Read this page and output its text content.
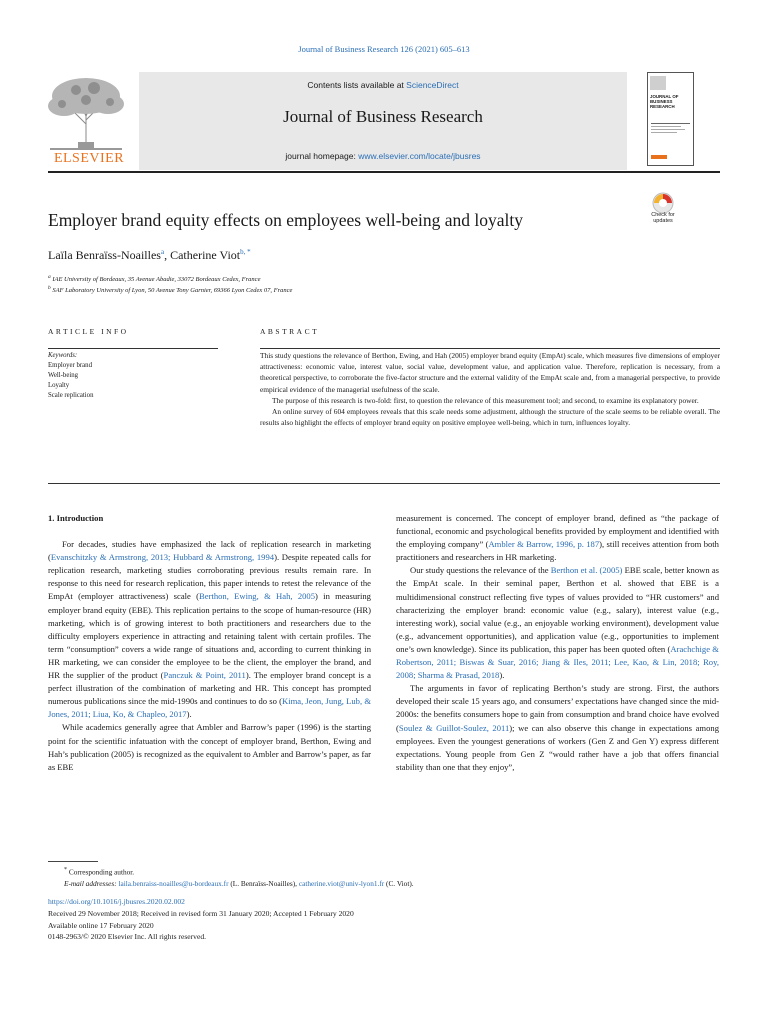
Journal of Business Research 126 (2021) 605–613
ELSEVIER
Contents lists available at ScienceDirect
Journal of Business Research
journal homepage: www.elsevier.com/locate/jbusres
JOURNAL OF BUSINESS RESEARCH
Employer brand equity effects on employees well-being and loyalty	Check for
updates
Laïla Benraïss-Noailles$^a$, Catherine Viot$^{b, *}$
$^a$ IAE University of Bordeaux, 35 Avenue Abadie, 33072 Bordeaux Cedex, France
$^b$ SAF Laboratory University of Lyon, 50 Avenue Tony Garnier, 69366 Lyon Cedex 07, France
ARTICLE INFO	ABSTRACT
Keywords:
Employer brand
Well-being
Loyalty
Scale replication

This study questions the relevance of Berthon, Ewing, and Hah (2005) employer brand equity (EmpAt) scale, which measures five dimensions of employer attractiveness: economic value, interest value, social value, development value, and application value. Therefore, replication is necessary, from a theoretical perspective, to corroborate the five-factor structure and the external validity of the EmpAt scale and, from a managerial perspective, to provide empirical evidence of the managerial usefulness of the scale.

The purpose of this research is two-fold: first, to question the relevance of this measurement tool; and second, to examine its explanatory power.

An online survey of 604 employees reveals that this scale needs some adjustment, although the structure of the scale seems to be reliable overall. The results also highlight the effects of employer brand equity on positive employee well-being, which in turn, influences loyalty.

1. Introduction

For decades, studies have emphasized the lack of replication research in marketing (Evanschitzky & Armstrong, 2013; Hubbard & Armstrong, 1994). Despite repeated calls for replication research, marketing studies corroborating previous results remain rare. In response to this need for research replication, this paper intends to retest the relevance of the EmpAt (employer attractiveness) scale (Berthon, Ewing, & Hah, 2005) in measuring employer brand equity (EBE). This replication pertains to the scope of human-resource (HR) marketing, which is of growing interest to both practitioners and researchers due to the difficulty employers experience in attracting and retaining talent with certain profiles. The term “consumption” covers a wide range of situations and, according to current thinking in HR marketing, we can consider the employee to be the client, the employer the brand, and HR the supplier of the product (Panczuk & Point, 2011). The employer brand concept is a perfect illustration of the combination of marketing and HR. This concept has prompted numerous publications since the mid-1990s and continues to do so (Kima, Jeon, Jung, Lub, & Jones, 2011; Liua, Ko, & Chapleo, 2017).

While academics generally agree that Ambler and Barrow’s paper (1996) is the starting point for the scientific infatuation with the concept of employer brand, Berthon, Ewing and Hah’s publication (2005) is recognized as the equivalent to Ambler and Barrow’s paper, as far as EBE

measurement is concerned. The concept of employer brand, defined as “the package of functional, economic and psychological benefits provided by employment and identified with the employing company” (Ambler & Barrow, 1996, p. 187), still receives attention from both practitioners and researchers in HR marketing.

Our study questions the relevance of the Berthon et al. (2005) EBE scale, better known as the EmpAt scale. In their seminal paper, Berthon et al. showed that EBE is a multidimensional construct reflecting five types of values provided to “HR customers” and characterizing the employer brand: economic value (e.g., salary), interest value (e.g., interesting work), social value (e.g., an enjoyable working environment), development value (e.g., advancement opportunities), and application value (e.g., opportunities to implement one’s own knowledge). Since its publication, this paper has been quoted often (Arachchige & Robertson, 2011; Biswas & Suar, 2016; Jiang & Iles, 2011; Lee, Kao, & Lin, 2018; Roy, 2008; Sharma & Prasad, 2018).

The arguments in favor of replicating Berthon’s study are strong. First, the authors developed their scale 15 years ago, and consumers’ expectations have changed since the mid-2000s: the benefits consumers hope to gain from consumption and brand choice have evolved (Soulez & Guillot-Soulez, 2011); we can also observe this change in expectations among employees. Even the youngest generations of workers (Gen Z and Gen Y) express different expectations. Young people from Gen Z “would rather have a job that offers financial stability than one that they enjoy”,

* Corresponding author.
E-mail addresses: laila.benraiss-noailles@u-bordeaux.fr (L. Benraïss-Noailles), catherine.viot@univ-lyon1.fr (C. Viot).
https://doi.org/10.1016/j.jbusres.2020.02.002
Received 29 November 2018; Received in revised form 31 January 2020; Accepted 1 February 2020
Available online 17 February 2020
0148-2963/© 2020 Elsevier Inc. All rights reserved.
